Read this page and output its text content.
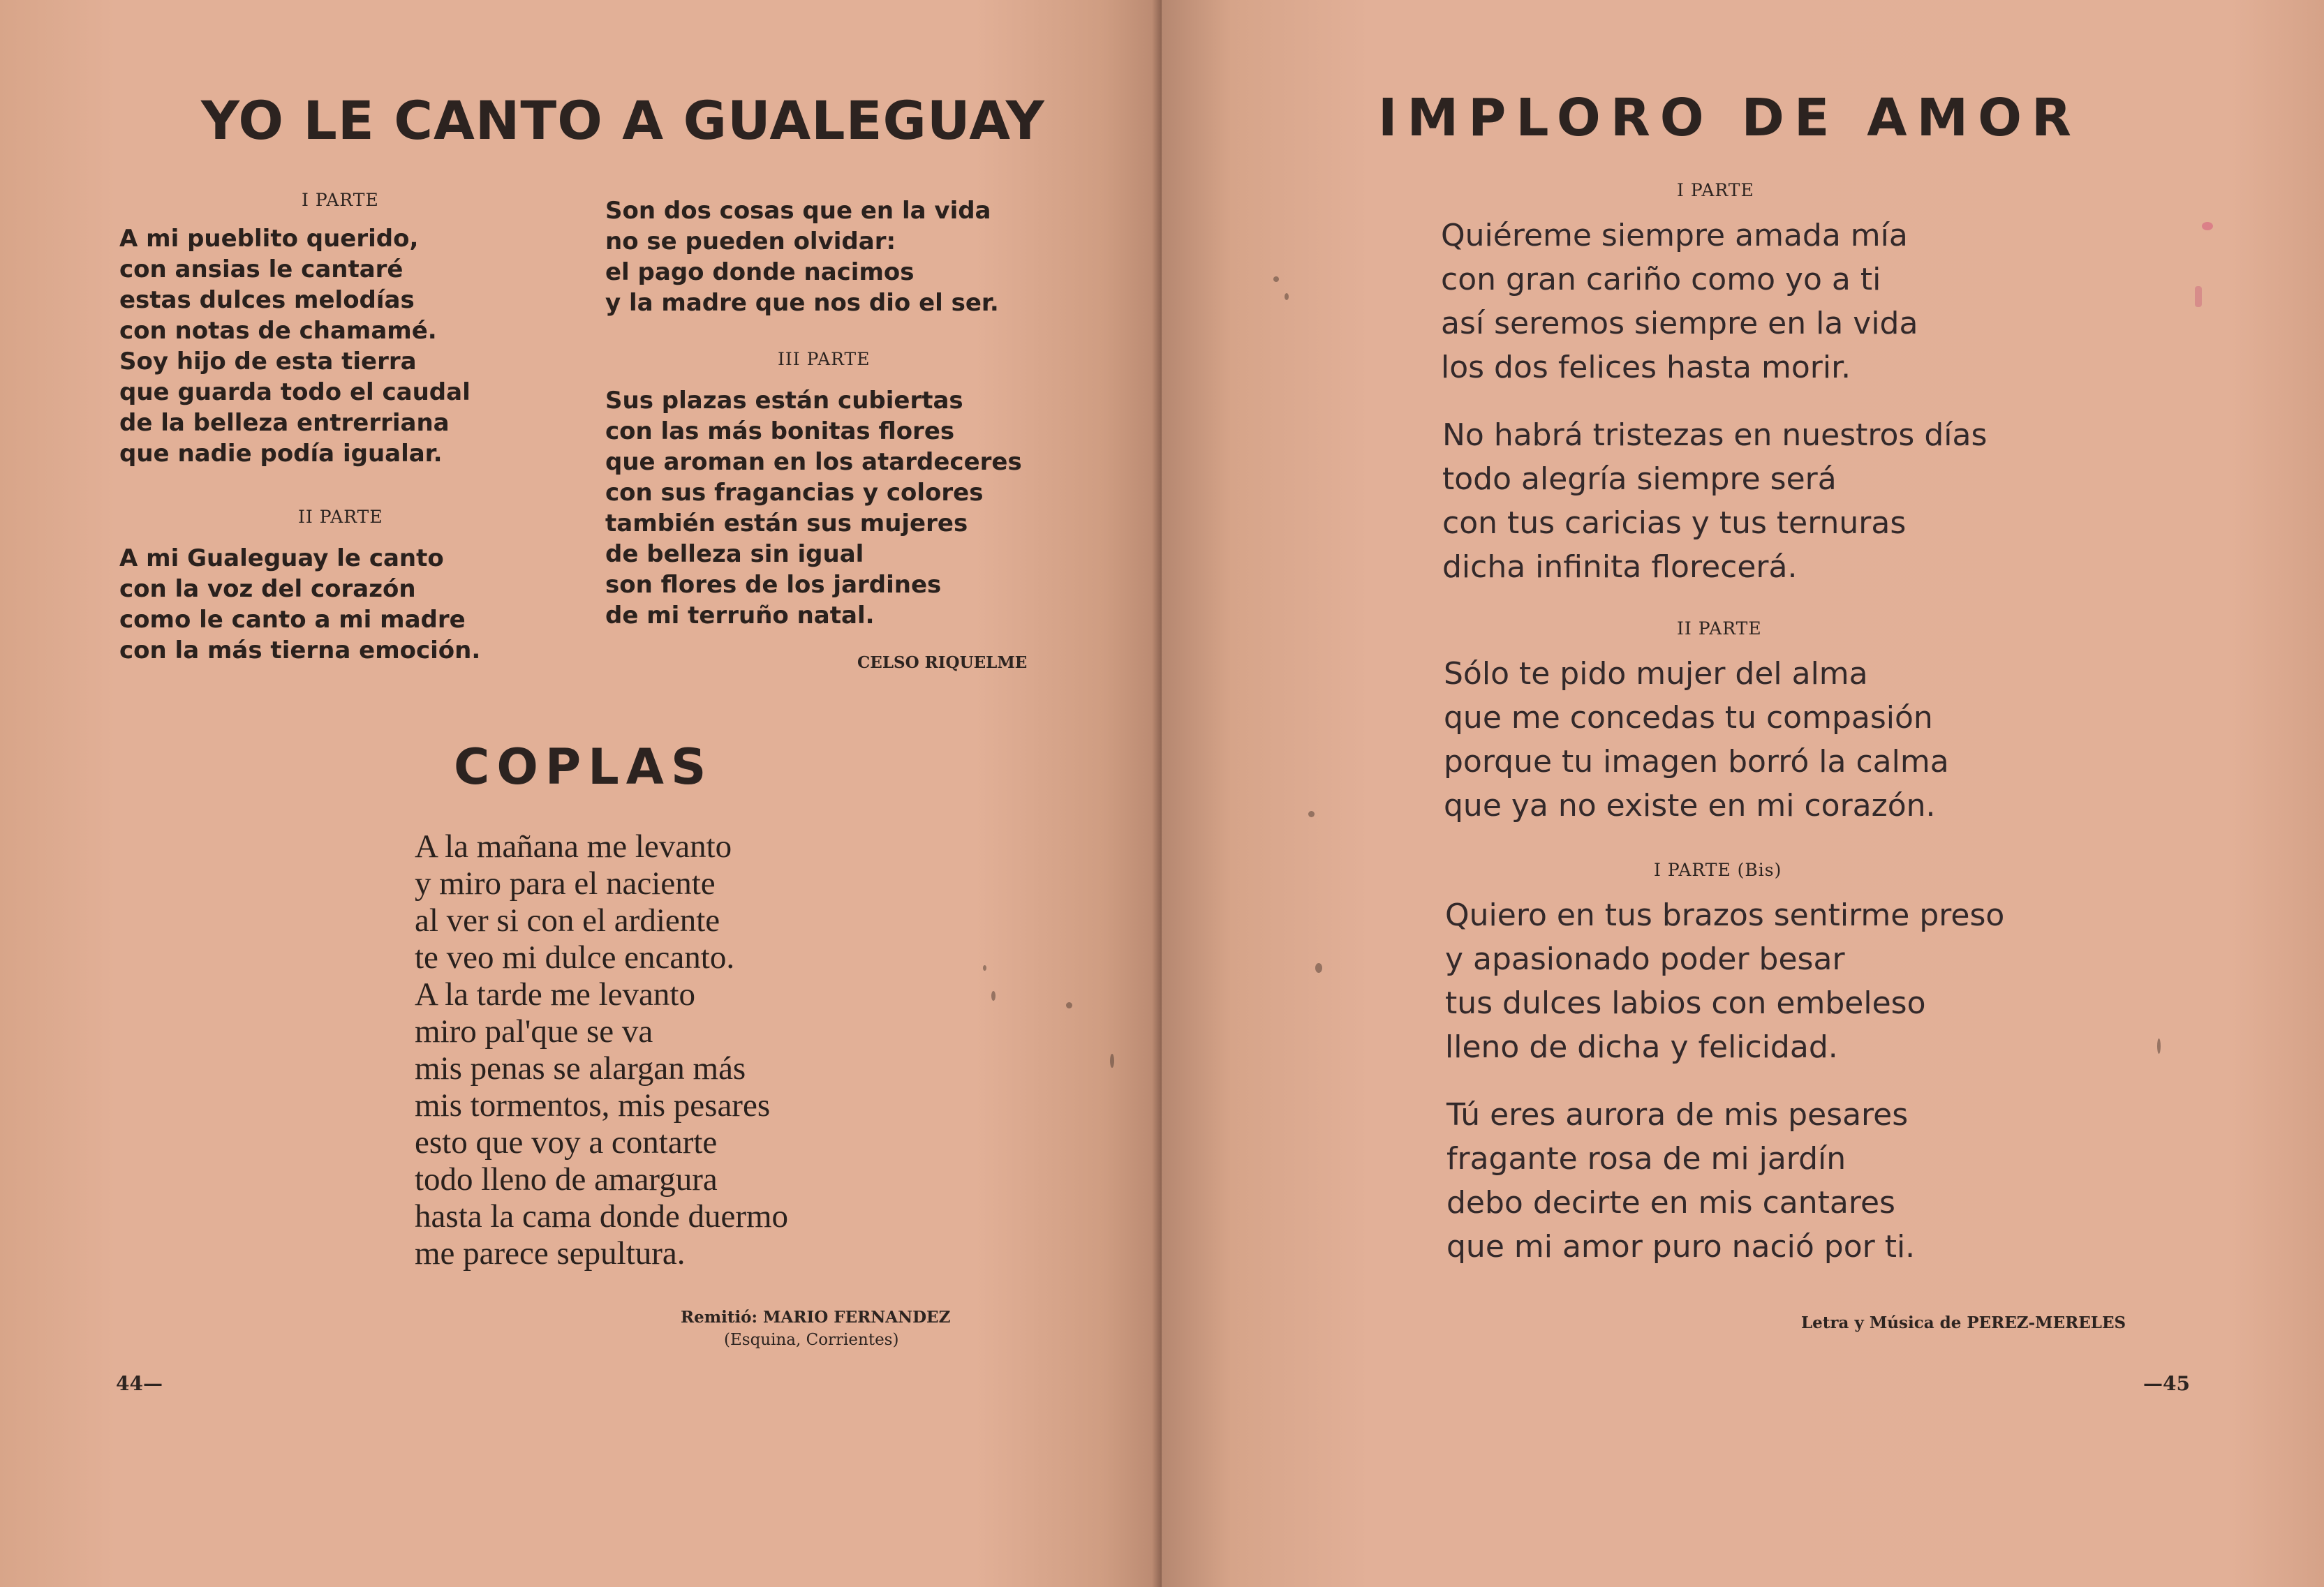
YO LE CANTO A GUALEGUAY
I PARTE
A mi pueblito querido,
con ansias le cantaré
estas dulces melodías
con notas de chamamé.
Soy hijo de esta tierra
que guarda todo el caudal
de la belleza entrerriana
que nadie podía igualar.
II PARTE
A mi Gualeguay le canto
con la voz del corazón
como le canto a mi madre
con la más tierna emoción.
Son dos cosas que en la vida
no se pueden olvidar:
el pago donde nacimos
y la madre que nos dio el ser.
III PARTE
Sus plazas están cubiertas
con las más bonitas flores
que aroman en los atardeceres
con sus fragancias y colores
también están sus mujeres
de belleza sin igual
son flores de los jardines
de mi terruño natal.
CELSO RIQUELME
COPLAS
A la mañana me levanto
y miro para el naciente
al ver si con el ardiente
te veo mi dulce encanto.
A la tarde me levanto
miro pal'que se va
mis penas se alargan más
mis tormentos, mis pesares
esto que voy a contarte
todo lleno de amargura
hasta la cama donde duermo
me parece sepultura.
Remitió: MARIO FERNANDEZ
(Esquina, Corrientes)
44—
IMPLORO DE AMOR
I PARTE
Quiéreme siempre amada mía
con gran cariño como yo a ti
así seremos siempre en la vida
los dos felices hasta morir.
No habrá tristezas en nuestros días
todo alegría siempre será
con tus caricias y tus ternuras
dicha infinita florecerá.
II PARTE
Sólo te pido mujer del alma
que me concedas tu compasión
porque tu imagen borró la calma
que ya no existe en mi corazón.
I PARTE (Bis)
Quiero en tus brazos sentirme preso
y apasionado poder besar
tus dulces labios con embeleso
lleno de dicha y felicidad.
Tú eres aurora de mis pesares
fragante rosa de mi jardín
debo decirte en mis cantares
que mi amor puro nació por ti.
Letra y Música de PEREZ-MERELES
—45
